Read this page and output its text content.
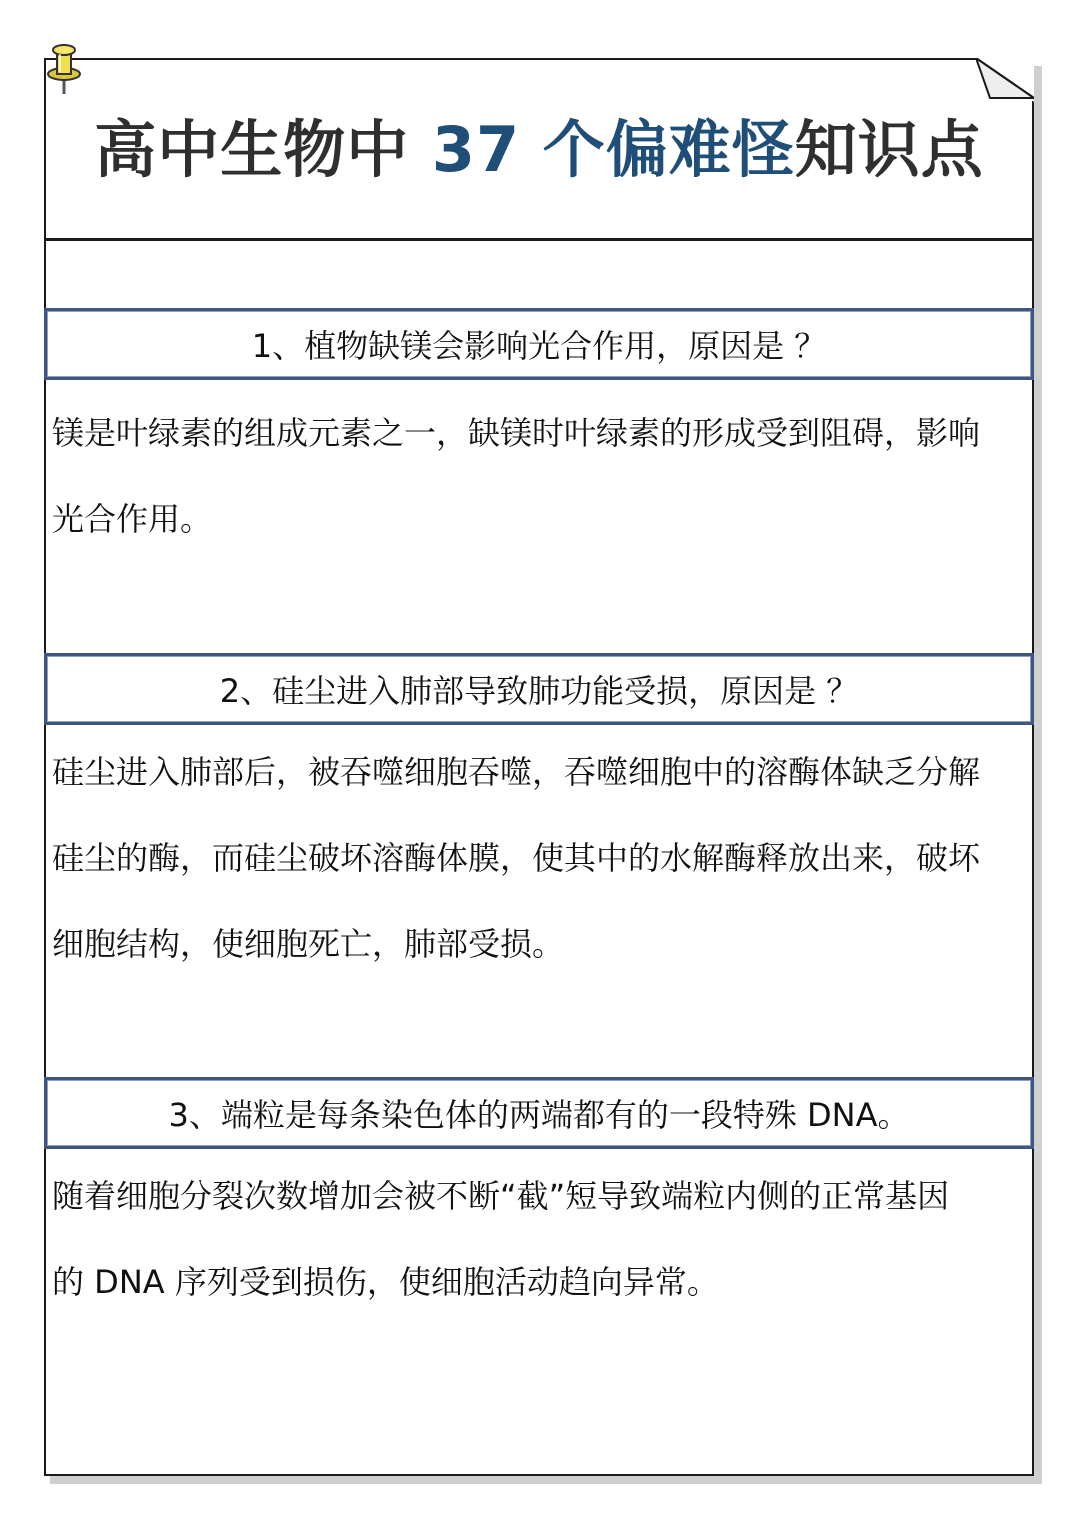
高中生物中 37 个偏难怪知识点
1、植物缺镁会影响光合作用，原因是 ？
镁是叶绿素的组成元素之一，缺镁时叶绿素的形成受到阻碍，影响
光合作用。
2、硅尘进入肺部导致肺功能受损，原因是 ？
硅尘进入肺部后，被吞噬细胞吞噬，吞噬细胞中的溶酶体缺乏分解
硅尘的酶，而硅尘破坏溶酶体膜，使其中的水解酶释放出来，破坏
细胞结构，使细胞死亡，肺部受损。
3、端粒是每条染色体的两端都有的一段特殊 DNA。
随着细胞分裂次数增加会被不断“截”短导致端粒内侧的正常基因
的 DNA 序列受到损伤，使细胞活动趋向异常。
